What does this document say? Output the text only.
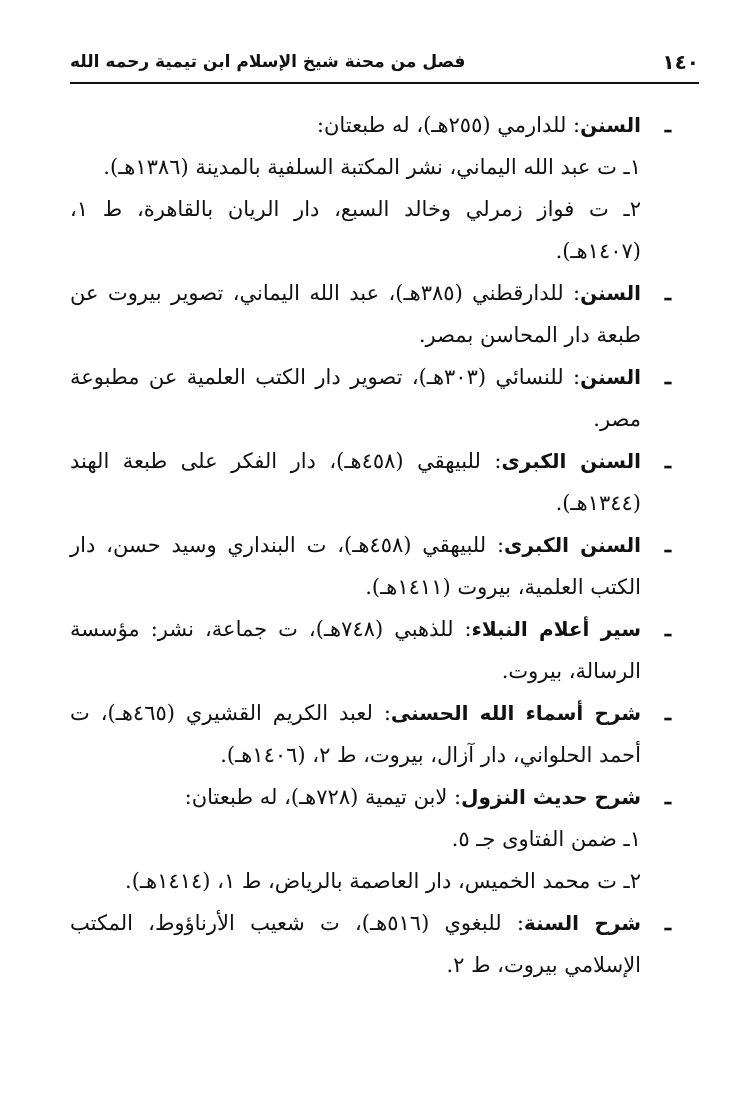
١٤٠
فصل من محنة شيخ الإسلام ابن تيمية رحمه الله

ـ
السنن: للدارمي (٢٥٥هـ)، له طبعتان:

١ـ ت عبد الله اليماني، نشر المكتبة السلفية بالمدينة (١٣٨٦هـ).

٢ـ ت فواز زمرلي وخالد السبع، دار الريان بالقاهرة، ط ١، (١٤٠٧هـ).

ـ
السنن: للدارقطني (٣٨٥هـ)، عبد الله اليماني، تصوير بيروت عن طبعة دار المحاسن بمصر.

ـ
السنن: للنسائي (٣٠٣هـ)، تصوير دار الكتب العلمية عن مطبوعة مصر.

ـ
السنن الكبرى: للبيهقي (٤٥٨هـ)، دار الفكر على طبعة الهند (١٣٤٤هـ).

ـ
السنن الكبرى: للبيهقي (٤٥٨هـ)، ت البنداري وسيد حسن، دار الكتب العلمية، بيروت (١٤١١هـ).

ـ
سير أعلام النبلاء: للذهبي (٧٤٨هـ)، ت جماعة، نشر: مؤسسة الرسالة، بيروت.

ـ
شرح أسماء الله الحسنى: لعبد الكريم القشيري (٤٦٥هـ)، ت أحمد الحلواني، دار آزال، بيروت، ط ٢، (١٤٠٦هـ).

ـ
شرح حديث النزول: لابن تيمية (٧٢٨هـ)، له طبعتان:

١ـ ضمن الفتاوى جـ ٥.

٢ـ ت محمد الخميس، دار العاصمة بالرياض، ط ١، (١٤١٤هـ).

ـ
شرح السنة: للبغوي (٥١٦هـ)، ت شعيب الأرناؤوط، المكتب الإسلامي بيروت، ط ٢.
